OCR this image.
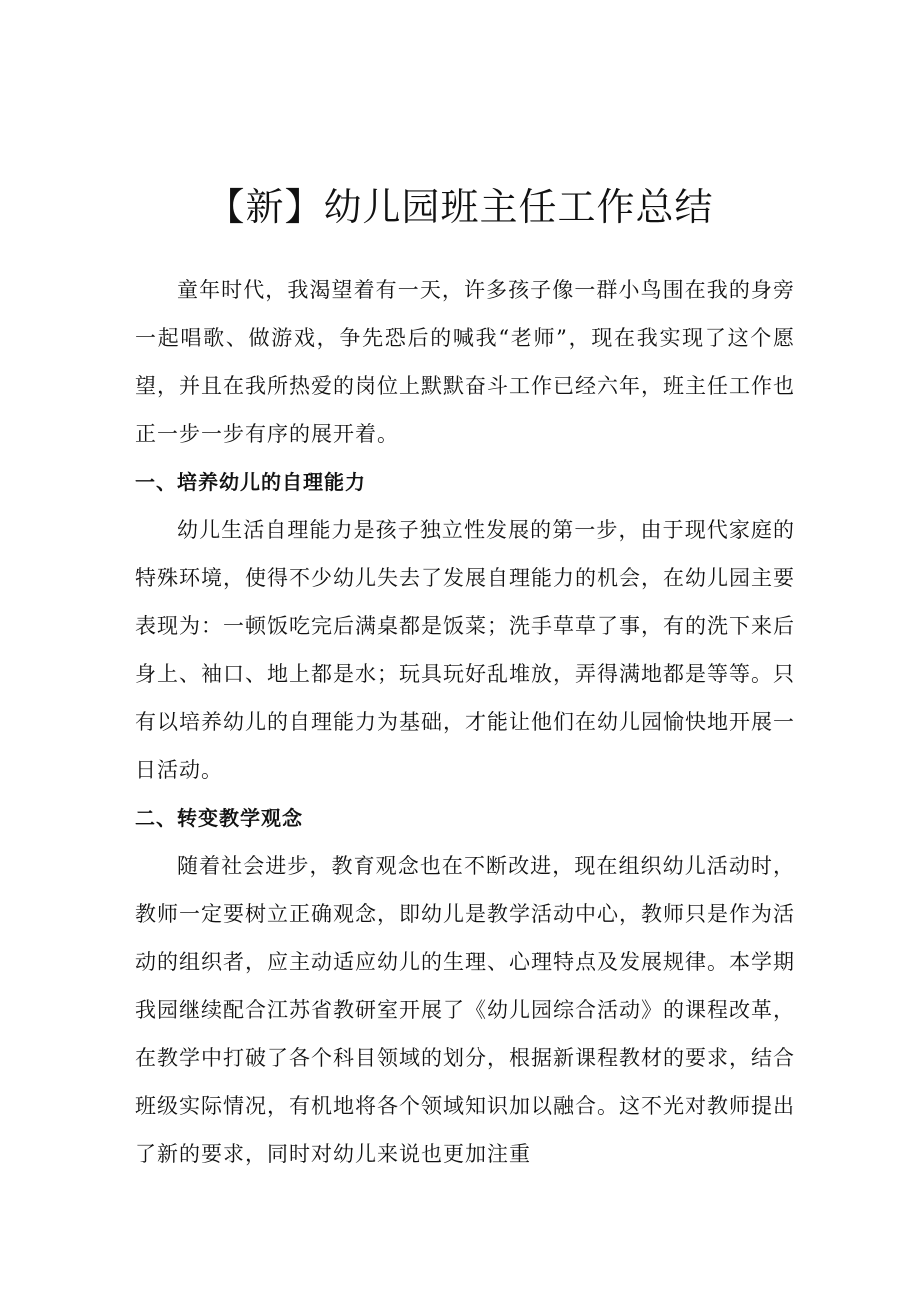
【新】幼儿园班主任工作总结

童年时代，我渴望着有一天，许多孩子像一群小鸟围在我的身旁一起唱歌、做游戏，争先恐后的喊我“老师”，现在我实现了这个愿望，并且在我所热爱的岗位上默默奋斗工作已经六年，班主任工作也正一步一步有序的展开着。

一、培养幼儿的自理能力

幼儿生活自理能力是孩子独立性发展的第一步，由于现代家庭的特殊环境，使得不少幼儿失去了发展自理能力的机会，在幼儿园主要表现为：一顿饭吃完后满桌都是饭菜；洗手草草了事，有的洗下来后身上、袖口、地上都是水；玩具玩好乱堆放，弄得满地都是等等。只有以培养幼儿的自理能力为基础，才能让他们在幼儿园愉快地开展一日活动。

二、转变教学观念

随着社会进步，教育观念也在不断改进，现在组织幼儿活动时，教师一定要树立正确观念，即幼儿是教学活动中心，教师只是作为活动的组织者，应主动适应幼儿的生理、心理特点及发展规律。本学期我园继续配合江苏省教研室开展了《幼儿园综合活动》的课程改革，在教学中打破了各个科目领域的划分，根据新课程教材的要求，结合班级实际情况，有机地将各个领域知识加以融合。这不光对教师提出了新的要求，同时对幼儿来说也更加注重
